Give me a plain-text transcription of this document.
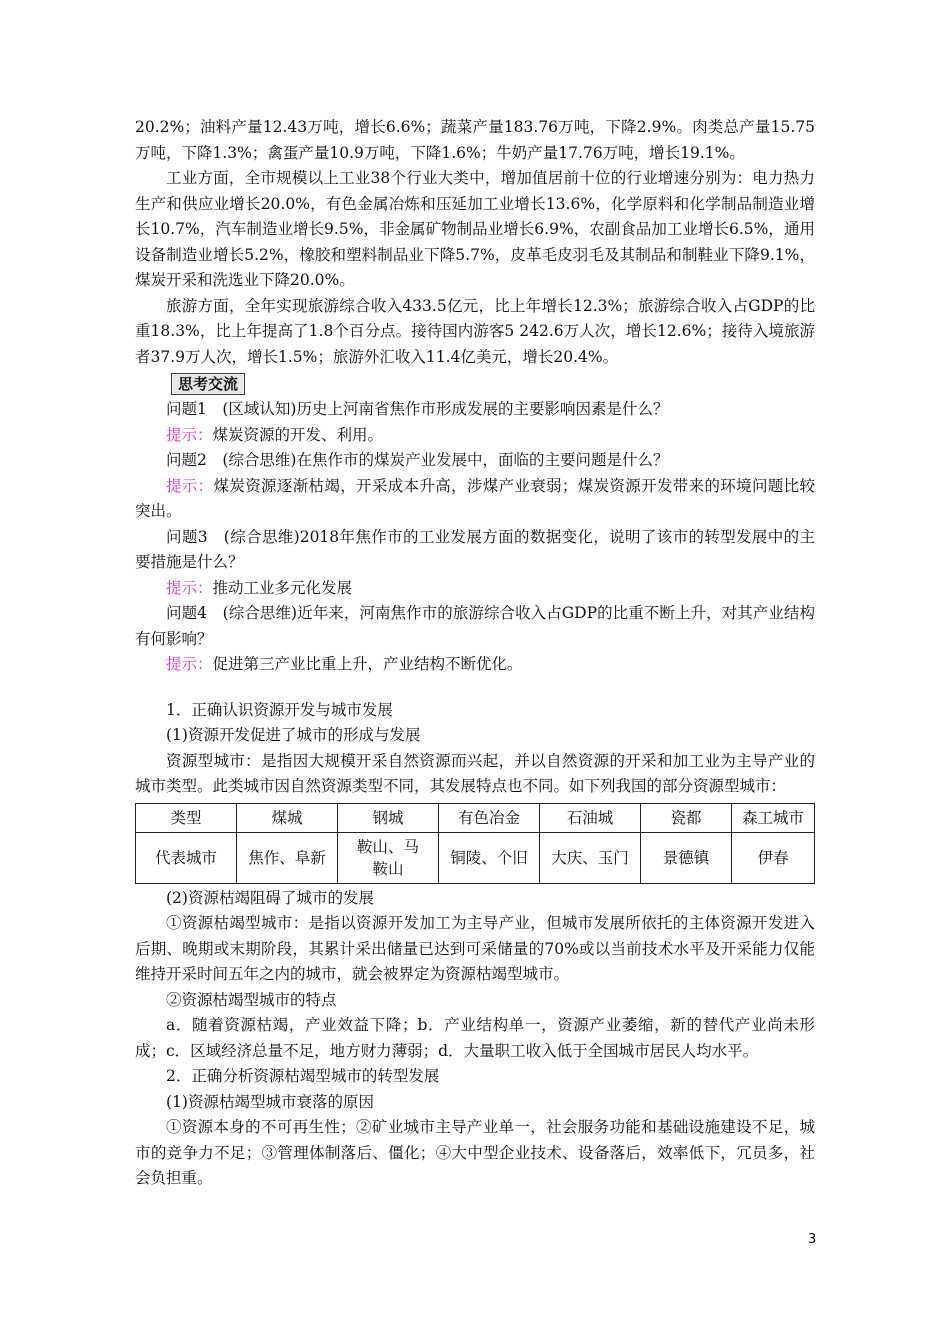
20.2%；油料产量12.43万吨，增长6.6%；蔬菜产量183.76万吨，下降2.9%。肉类总产量15.75万吨，下降1.3%；禽蛋产量10.9万吨，下降1.6%；牛奶产量17.76万吨，增长19.1%。

工业方面，全市规模以上工业38个行业大类中，增加值居前十位的行业增速分别为：电力热力生产和供应业增长20.0%，有色金属冶炼和压延加工业增长13.6%，化学原料和化学制品制造业增长10.7%，汽车制造业增长9.5%，非金属矿物制品业增长6.9%，农副食品加工业增长6.5%，通用设备制造业增长5.2%，橡胶和塑料制品业下降5.7%，皮革毛皮羽毛及其制品和制鞋业下降9.1%，煤炭开采和洗选业下降20.0%。

旅游方面，全年实现旅游综合收入433.5亿元，比上年增长12.3%；旅游综合收入占GDP的比重18.3%，比上年提高了1.8个百分点。接待国内游客5 242.6万人次，增长12.6%；接待入境旅游者37.9万人次，增长1.5%；旅游外汇收入11.4亿美元，增长20.4%。

思考交流

问题1　(区域认知)历史上河南省焦作市形成发展的主要影响因素是什么？

提示：煤炭资源的开发、利用。

问题2　(综合思维)在焦作市的煤炭产业发展中，面临的主要问题是什么？

提示：煤炭资源逐渐枯竭，开采成本升高，涉煤产业衰弱；煤炭资源开发带来的环境问题比较突出。

问题3　(综合思维)2018年焦作市的工业发展方面的数据变化，说明了该市的转型发展中的主要措施是什么？

提示：推动工业多元化发展

问题4　(综合思维)近年来，河南焦作市的旅游综合收入占GDP的比重不断上升，对其产业结构有何影响？

提示：促进第三产业比重上升，产业结构不断优化。

1．正确认识资源开发与城市发展

(1)资源开发促进了城市的形成与发展

资源型城市：是指因大规模开采自然资源而兴起，并以自然资源的开采和加工业为主导产业的城市类型。此类城市因自然资源类型不同，其发展特点也不同。如下列我国的部分资源型城市：

类型	煤城	钢城	有色冶金	石油城	瓷都	森工城市
代表城市	焦作、阜新	鞍山、马鞍山	铜陵、个旧	大庆、玉门	景德镇	伊春

(2)资源枯竭阻碍了城市的发展

①资源枯竭型城市：是指以资源开发加工为主导产业，但城市发展所依托的主体资源开发进入后期、晚期或末期阶段，其累计采出储量已达到可采储量的70%或以当前技术水平及开采能力仅能维持开采时间五年之内的城市，就会被界定为资源枯竭型城市。

②资源枯竭型城市的特点

a．随着资源枯竭，产业效益下降；b．产业结构单一，资源产业萎缩，新的替代产业尚未形成；c．区域经济总量不足，地方财力薄弱；d．大量职工收入低于全国城市居民人均水平。

2．正确分析资源枯竭型城市的转型发展

(1)资源枯竭型城市衰落的原因

①资源本身的不可再生性；②矿业城市主导产业单一，社会服务功能和基础设施建设不足，城市的竞争力不足；③管理体制落后、僵化；④大中型企业技术、设备落后，效率低下，冗员多，社会负担重。

3
